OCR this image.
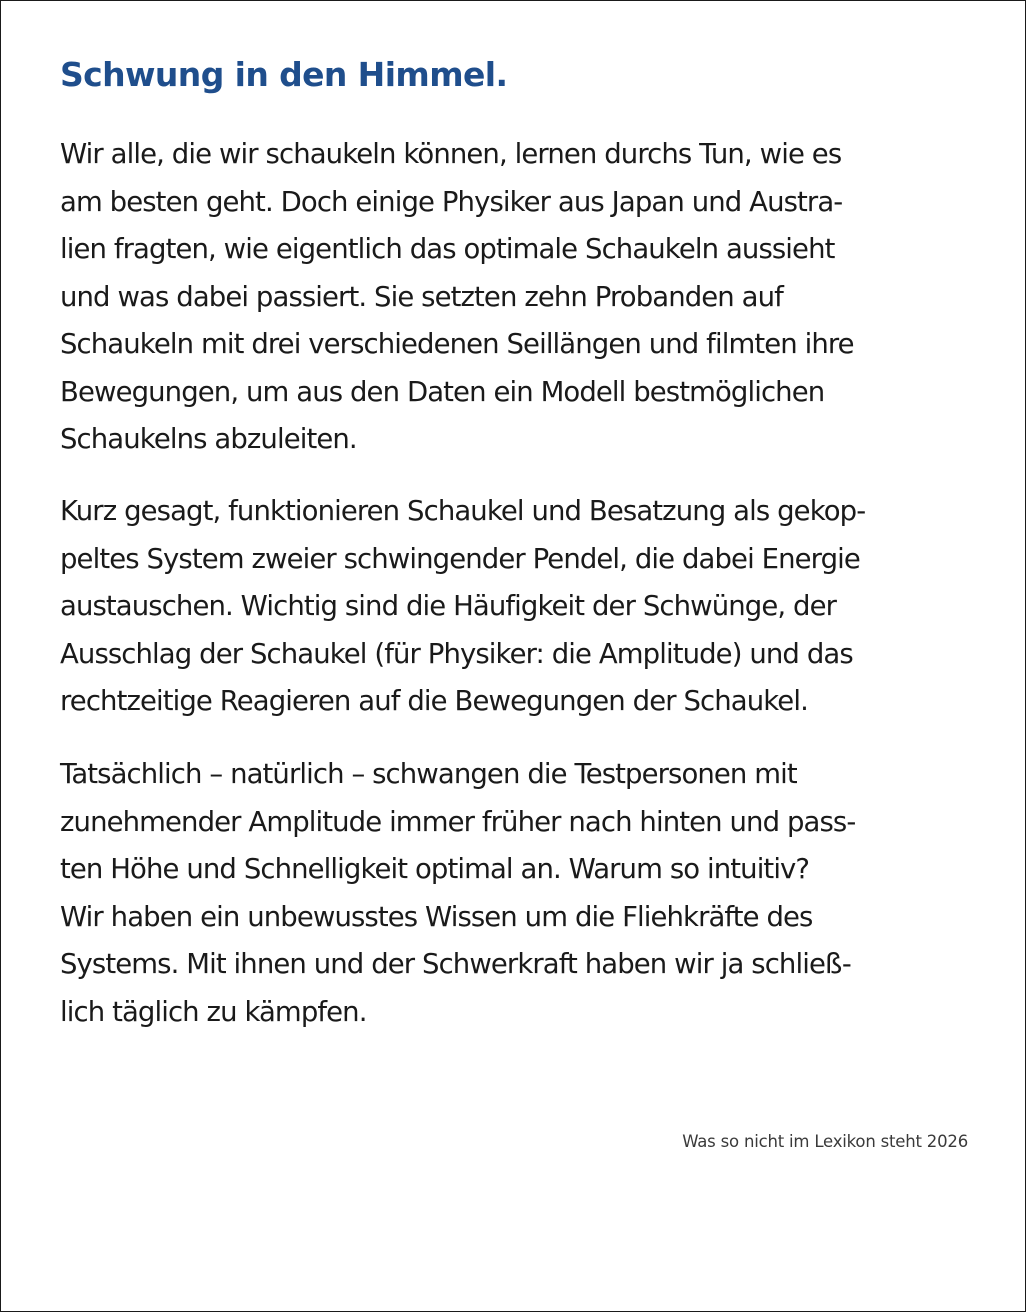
Schwung in den Himmel.

Wir alle, die wir schaukeln können, lernen durchs Tun, wie es
am besten geht. Doch einige Physiker aus Japan und Austra-
lien fragten, wie eigentlich das optimale Schaukeln aussieht
und was dabei passiert. Sie setzten zehn Probanden auf
Schaukeln mit drei verschiedenen Seillängen und filmten ihre
Bewegungen, um aus den Daten ein Modell bestmöglichen
Schaukelns abzuleiten.

Kurz gesagt, funktionieren Schaukel und Besatzung als gekop-
peltes System zweier schwingender Pendel, die dabei Energie
austauschen. Wichtig sind die Häufigkeit der Schwünge, der
Ausschlag der Schaukel (für Physiker: die Amplitude) und das
rechtzeitige Reagieren auf die Bewegungen der Schaukel.

Tatsächlich – natürlich – schwangen die Testpersonen mit
zunehmender Amplitude immer früher nach hinten und pass-
ten Höhe und Schnelligkeit optimal an. Warum so intuitiv?
Wir haben ein unbewusstes Wissen um die Fliehkräfte des
Systems. Mit ihnen und der Schwerkraft haben wir ja schließ-
lich täglich zu kämpfen.

Was so nicht im Lexikon steht 2026
